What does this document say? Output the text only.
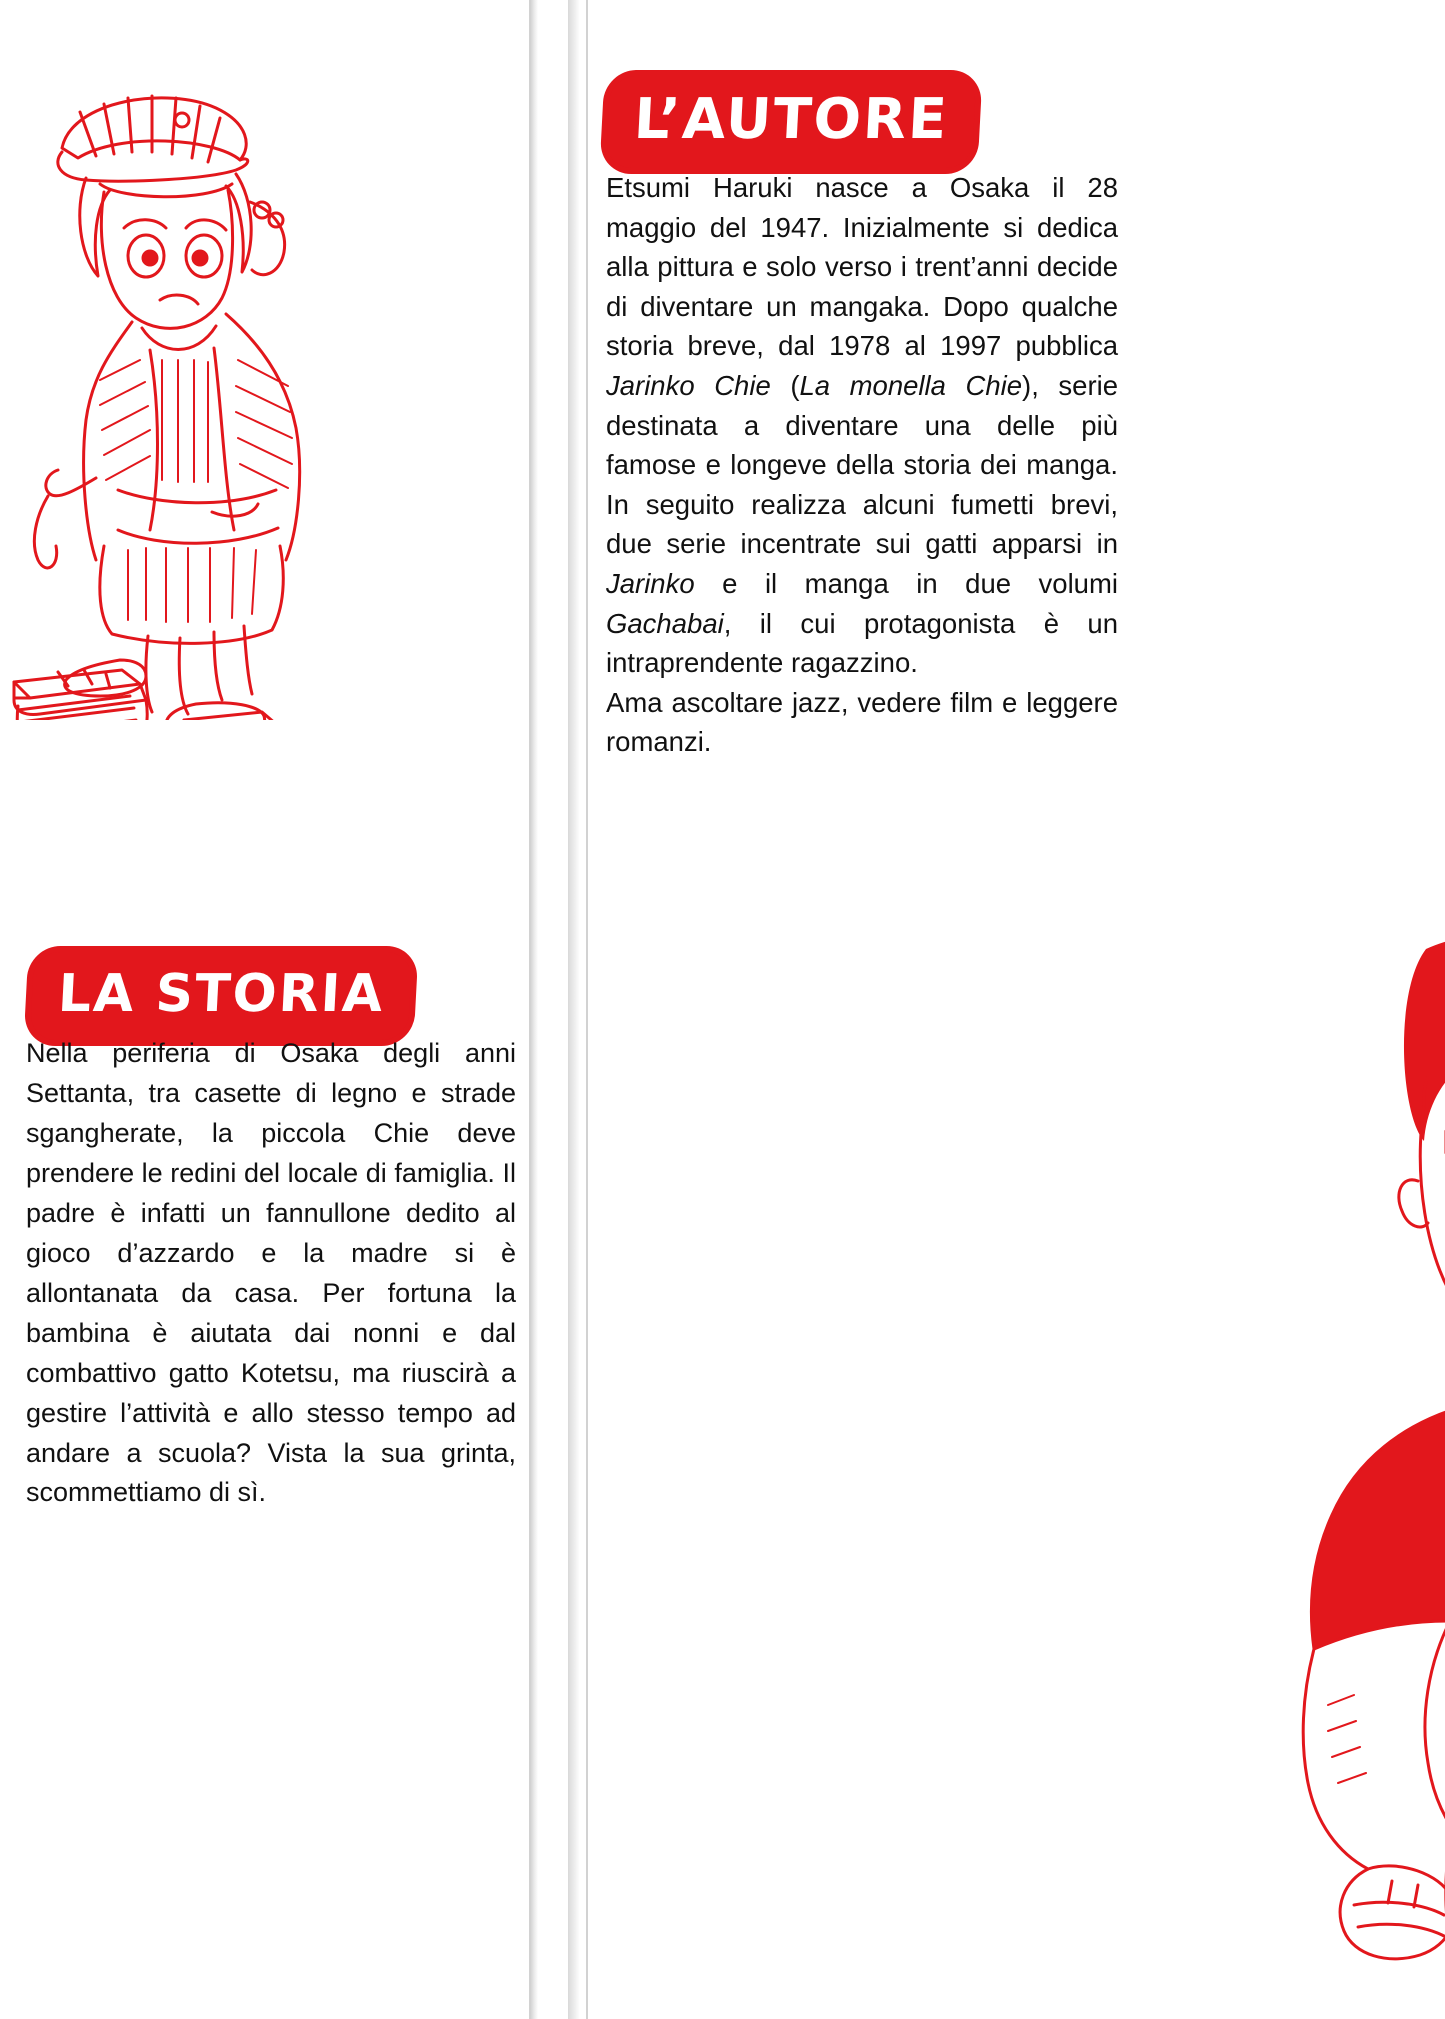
LA STORIA

Nella periferia di Osaka degli anni Settanta, tra casette di legno e strade sgangherate, la piccola Chie deve prendere le redini del locale di famiglia. Il padre è infatti un fannullone dedito al gioco d’azzardo e la madre si è allontanata da casa. Per fortuna la bambina è aiutata dai nonni e dal combattivo gatto Kotetsu, ma riuscirà a gestire l’attività e allo stesso tempo ad andare a scuola? Vista la sua grinta, scommettiamo di sì.

L’AUTORE

Etsumi Haruki nasce a Osaka il 28 maggio del 1947. Inizialmente si dedica alla pittura e solo verso i trent’anni decide di diventare un mangaka. Dopo qualche storia breve, dal 1978 al 1997 pubblica Jarinko Chie (La monella Chie), serie destinata a diventare una delle più famose e longeve della storia dei manga. In seguito realizza alcuni fumetti brevi, due serie incentrate sui gatti apparsi in Jarinko e il manga in due volumi Gachabai, il cui protagonista è un intraprendente ragazzino.

Ama ascoltare jazz, vedere film e leggere romanzi.
